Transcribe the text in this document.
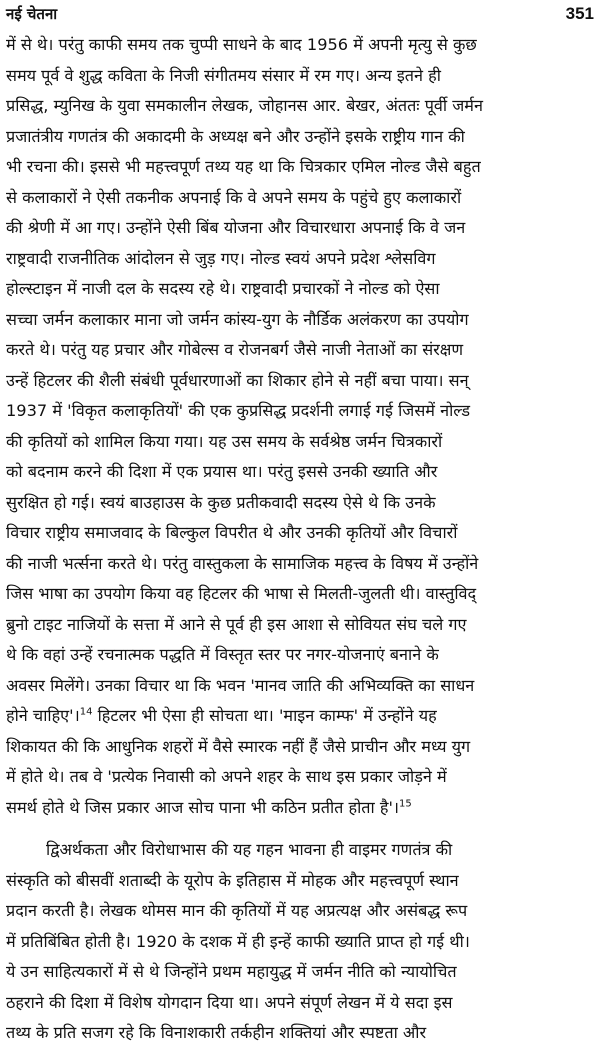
नई चेतना	351
में से थे। परंतु काफी समय तक चुप्पी साधने के बाद 1956 में अपनी मृत्यु से कुछ
समय पूर्व वे शुद्ध कविता के निजी संगीतमय संसार में रम गए। अन्य इतने ही
प्रसिद्ध, म्युनिख के युवा समकालीन लेखक, जोहानस आर. बेखर, अंततः पूर्वी जर्मन
प्रजातंत्रीय गणतंत्र की अकादमी के अध्यक्ष बने और उन्होंने इसके राष्ट्रीय गान की
भी रचना की। इससे भी महत्त्वपूर्ण तथ्य यह था कि चित्रकार एमिल नोल्ड जैसे बहुत
से कलाकारों ने ऐसी तकनीक अपनाई कि वे अपने समय के पहुंचे हुए कलाकारों
की श्रेणी में आ गए। उन्होंने ऐसी बिंब योजना और विचारधारा अपनाई कि वे जन
राष्ट्रवादी राजनीतिक आंदोलन से जुड़ गए। नोल्ड स्वयं अपने प्रदेश श्लेसविग
होल्स्टाइन में नाजी दल के सदस्य रहे थे। राष्ट्रवादी प्रचारकों ने नोल्ड को ऐसा
सच्चा जर्मन कलाकार माना जो जर्मन कांस्य-युग के नौर्डिक अलंकरण का उपयोग
करते थे। परंतु यह प्रचार और गोबेल्स व रोजनबर्ग जैसे नाजी नेताओं का संरक्षण
उन्हें हिटलर की शैली संबंधी पूर्वधारणाओं का शिकार होने से नहीं बचा पाया। सन्
1937 में 'विकृत कलाकृतियों' की एक कुप्रसिद्ध प्रदर्शनी लगाई गई जिसमें नोल्ड
की कृतियों को शामिल किया गया। यह उस समय के सर्वश्रेष्ठ जर्मन चित्रकारों
को बदनाम करने की दिशा में एक प्रयास था। परंतु इससे उनकी ख्याति और
सुरक्षित हो गई। स्वयं बाउहाउस के कुछ प्रतीकवादी सदस्य ऐसे थे कि उनके
विचार राष्ट्रीय समाजवाद के बिल्कुल विपरीत थे और उनकी कृतियों और विचारों
की नाजी भर्त्सना करते थे। परंतु वास्तुकला के सामाजिक महत्त्व के विषय में उन्होंने
जिस भाषा का उपयोग किया वह हिटलर की भाषा से मिलती-जुलती थी। वास्तुविद्
ब्रुनो टाइट नाजियों के सत्ता में आने से पूर्व ही इस आशा से सोवियत संघ चले गए
थे कि वहां उन्हें रचनात्मक पद्धति में विस्तृत स्तर पर नगर-योजनाएं बनाने के
अवसर मिलेंगे। उनका विचार था कि भवन 'मानव जाति की अभिव्यक्ति का साधन
होने चाहिए'।$^{14}$ हिटलर भी ऐसा ही सोचता था। 'माइन काम्फ' में उन्होंने यह
शिकायत की कि आधुनिक शहरों में वैसे स्मारक नहीं हैं जैसे प्राचीन और मध्य युग
में होते थे। तब वे 'प्रत्येक निवासी को अपने शहर के साथ इस प्रकार जोड़ने में
समर्थ होते थे जिस प्रकार आज सोच पाना भी कठिन प्रतीत होता है'।$^{15}$
द्विअर्थकता और विरोधाभास की यह गहन भावना ही वाइमर गणतंत्र की
संस्कृति को बीसवीं शताब्दी के यूरोप के इतिहास में मोहक और महत्त्वपूर्ण स्थान
प्रदान करती है। लेखक थोमस मान की कृतियों में यह अप्रत्यक्ष और असंबद्ध रूप
में प्रतिबिंबित होती है। 1920 के दशक में ही इन्हें काफी ख्याति प्राप्त हो गई थी।
ये उन साहित्यकारों में से थे जिन्होंने प्रथम महायुद्ध में जर्मन नीति को न्यायोचित
ठहराने की दिशा में विशेष योगदान दिया था। अपने संपूर्ण लेखन में ये सदा इस
तथ्य के प्रति सजग रहे कि विनाशकारी तर्कहीन शक्तियां और स्पष्टता और
